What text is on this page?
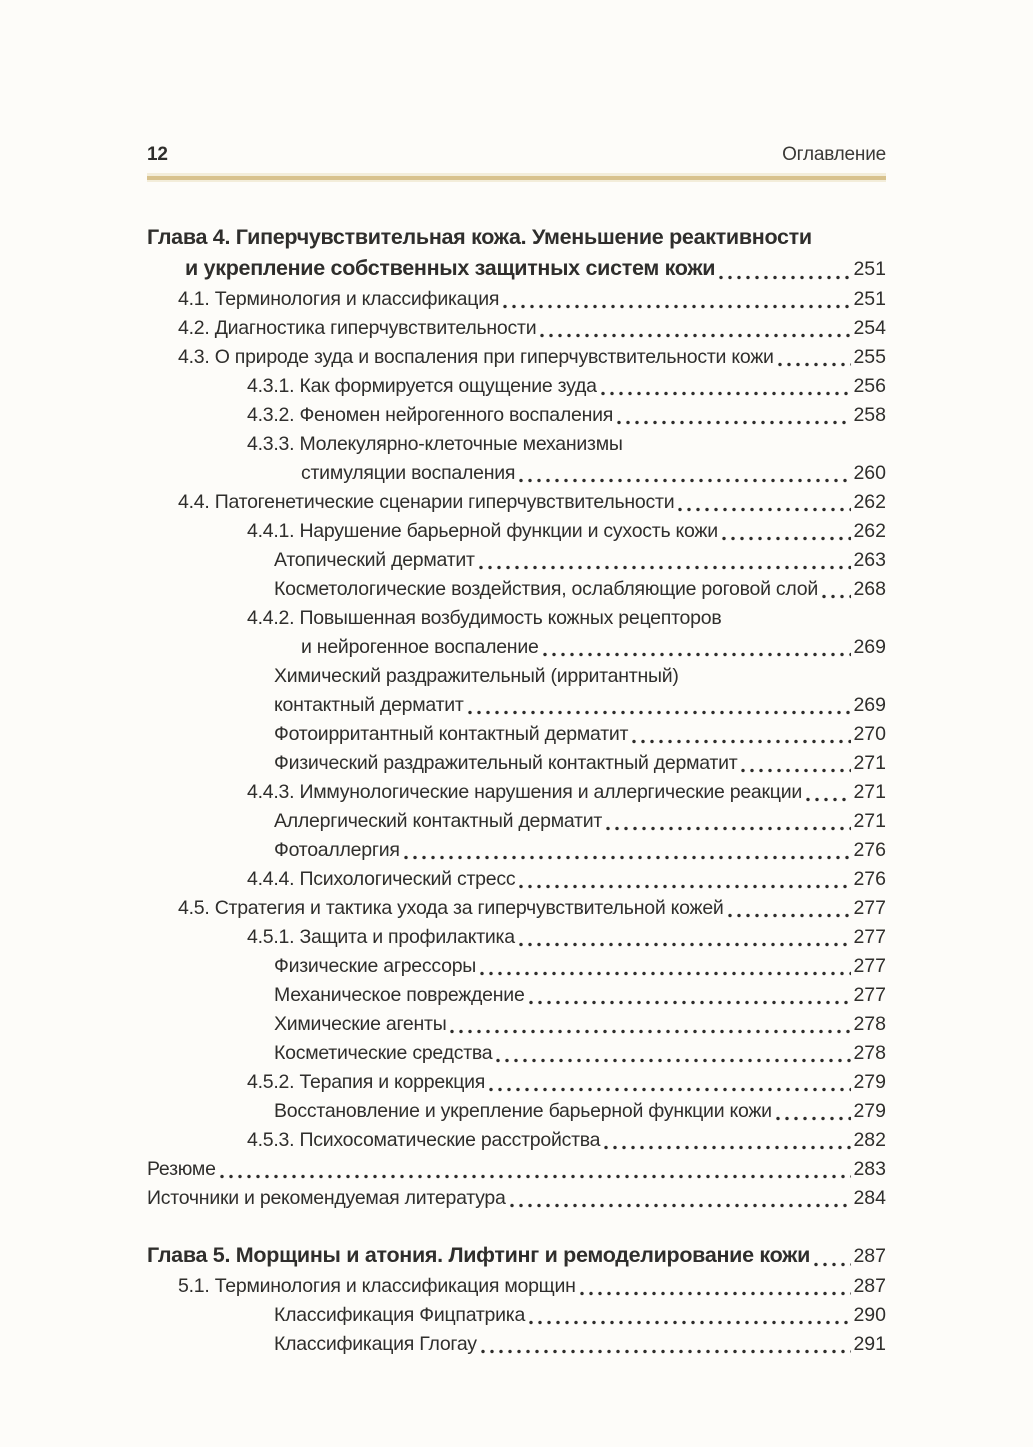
12	Оглавление
Глава 4. Гиперчувствительная кожа. Уменьшение реактивности
и укрепление собственных защитных систем кожи	251
4.1. Терминология и классификация	251
4.2. Диагностика гиперчувствительности	254
4.3. О природе зуда и воспаления при гиперчувствительности кожи	255
4.3.1. Как формируется ощущение зуда	256
4.3.2. Феномен нейрогенного воспаления	258
4.3.3. Молекулярно-клеточные механизмы
стимуляции воспаления	260
4.4. Патогенетические сценарии гиперчувствительности	262
4.4.1. Нарушение барьерной функции и сухость кожи	262
Атопический дерматит	263
Косметологические воздействия, ослабляющие роговой слой 268
4.4.2. Повышенная возбудимость кожных рецепторов
и нейрогенное воспаление	269
Химический раздражительный (ирритантный)
контактный дерматит	269
Фотоирритантный контактный дерматит	270
Физический раздражительный контактный дерматит	271
4.4.3. Иммунологические нарушения и аллергические реакции	271
Аллергический контактный дерматит	271
Фотоаллергия	276
4.4.4. Психологический стресс	276
4.5. Стратегия и тактика ухода за гиперчувствительной кожей	277
4.5.1. Защита и профилактика	277
Физические агрессоры	277
Механическое повреждение	277
Химические агенты	278
Косметические средства	278
4.5.2. Терапия и коррекция	279
Восстановление и укрепление барьерной функции кожи	279
4.5.3. Психосоматические расстройства	282
Резюме	283
Источники и рекомендуемая литература	284
Глава 5. Морщины и атония. Лифтинг и ремоделирование кожи 287
5.1. Терминология и классификация морщин	287
Классификация Фицпатрика	290
Классификация Глогау	291
